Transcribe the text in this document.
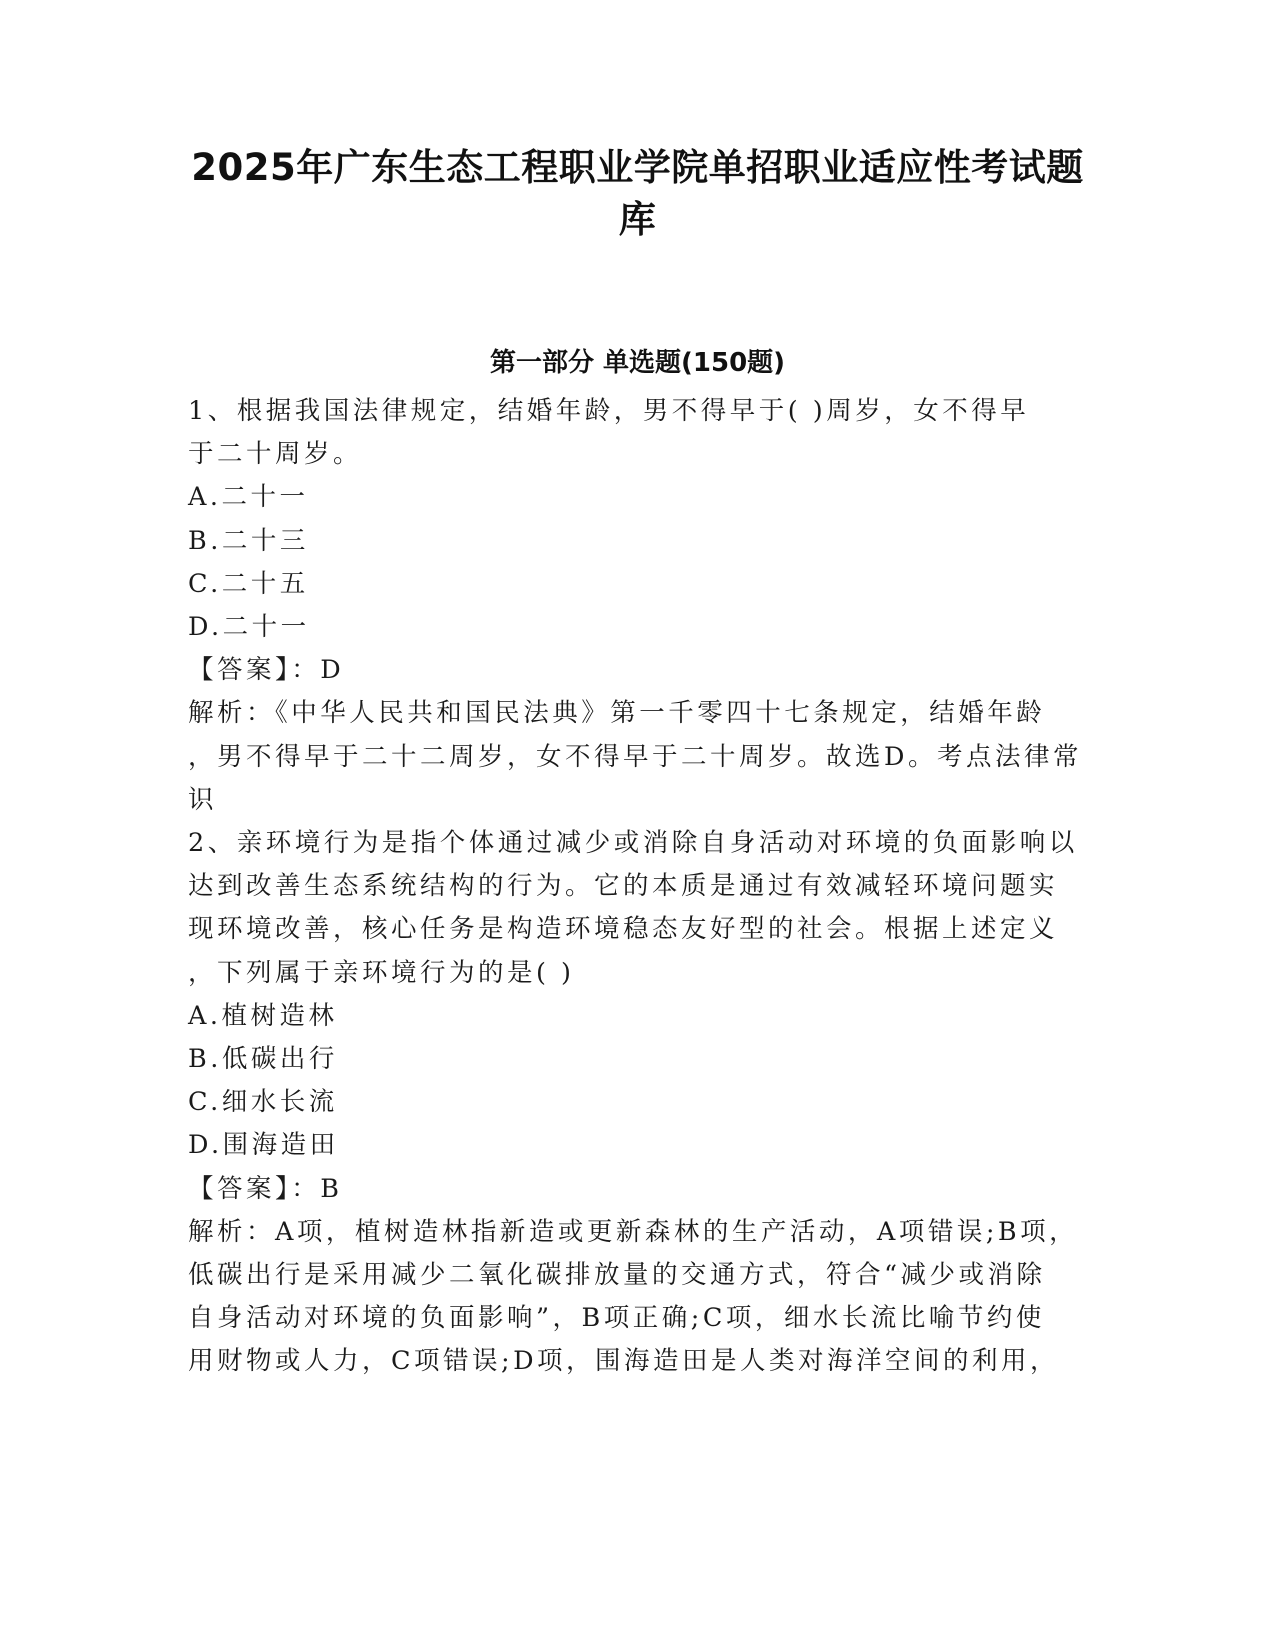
2025年广东生态工程职业学院单招职业适应性考试题
库
第一部分 单选题(150题)
1、根据我国法律规定，结婚年龄，男不得早于( )周岁，女不得早
于二十周岁。
A.二十一
B.二十三
C.二十五
D.二十一
【答案】：D
解析：《中华人民共和国民法典》第一千零四十七条规定，结婚年龄
，男不得早于二十二周岁，女不得早于二十周岁。故选D。考点法律常
识
2、亲环境行为是指个体通过减少或消除自身活动对环境的负面影响以
达到改善生态系统结构的行为。它的本质是通过有效减轻环境问题实
现环境改善，核心任务是构造环境稳态友好型的社会。根据上述定义
，下列属于亲环境行为的是( )
A.植树造林
B.低碳出行
C.细水长流
D.围海造田
【答案】：B
解析：A项，植树造林指新造或更新森林的生产活动，A项错误;B项，
低碳出行是采用减少二氧化碳排放量的交通方式，符合“减少或消除
自身活动对环境的负面影响”，B项正确;C项，细水长流比喻节约使
用财物或人力，C项错误;D项，围海造田是人类对海洋空间的利用，
